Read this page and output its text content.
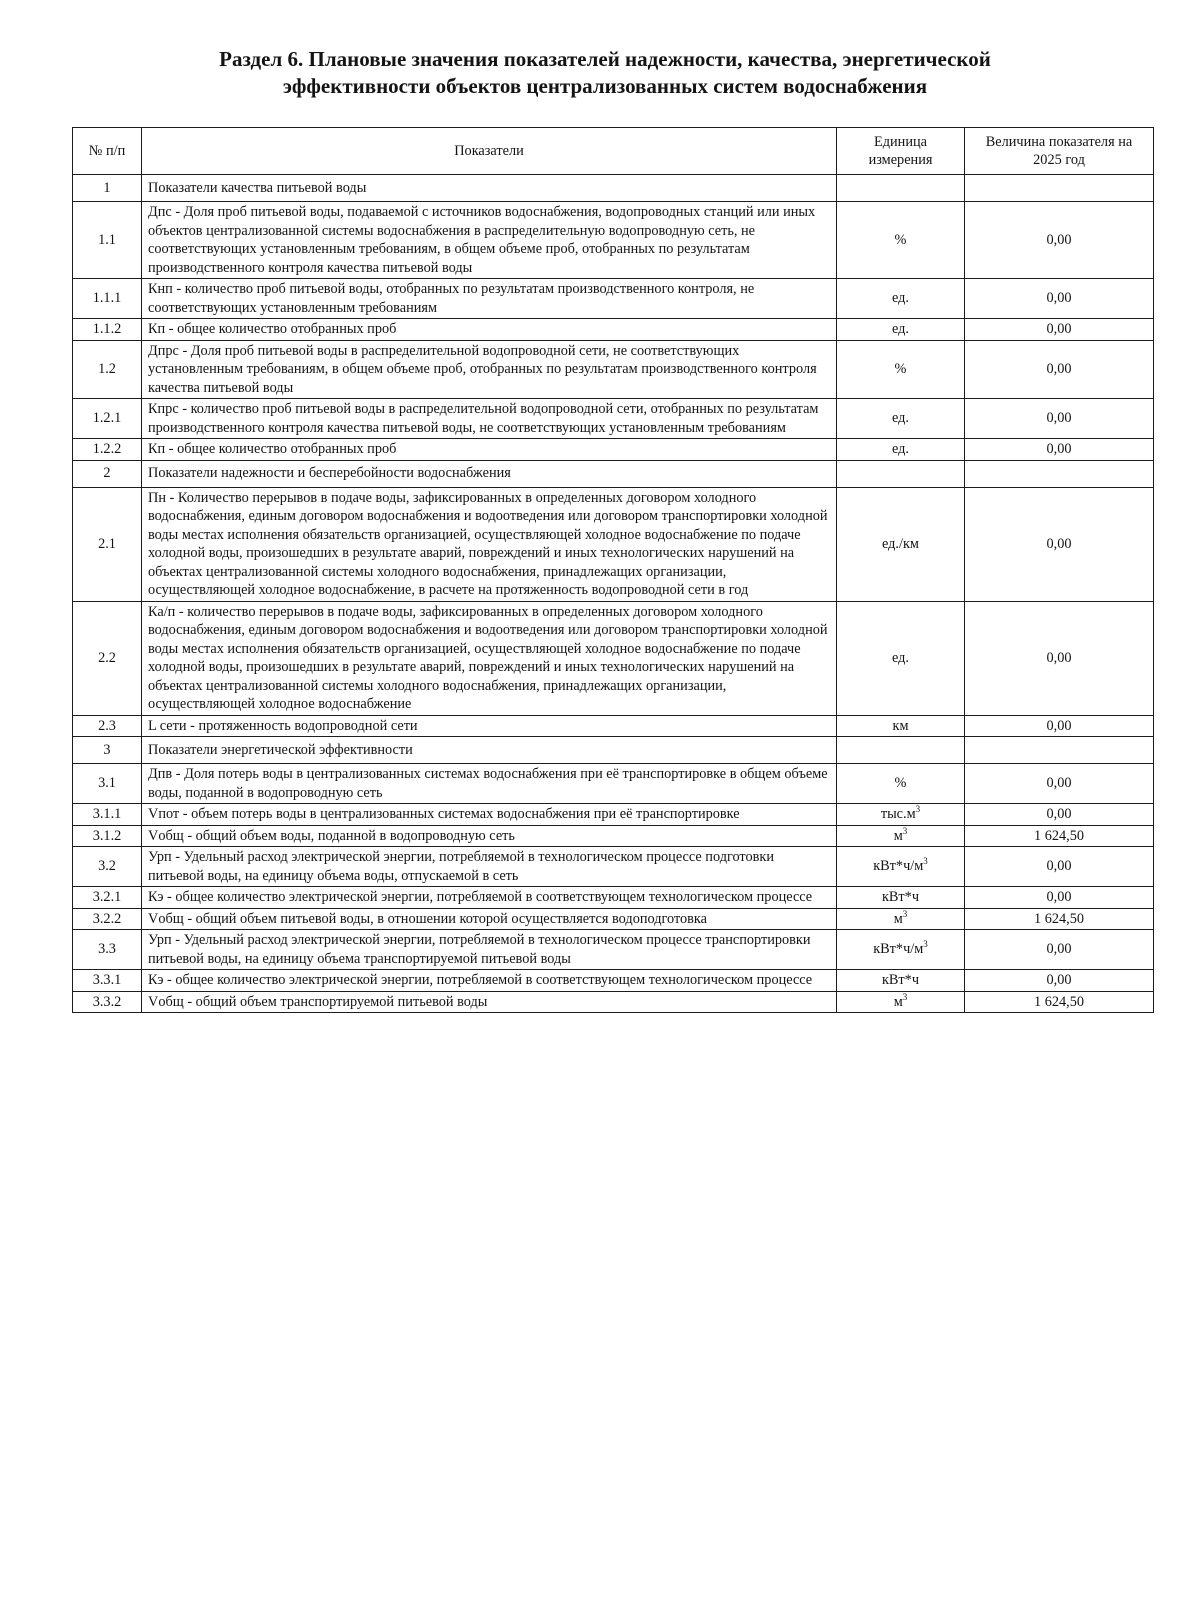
Раздел 6. Плановые значения показателей надежности, качества, энергетической
эффективности объектов централизованных систем водоснабжения
№ п/п	Показатели	Единица измерения	Величина показателя на 2025 год
1	Показатели качества питьевой воды		
1.1	Дпс - Доля проб питьевой воды, подаваемой с источников водоснабжения, водопроводных станций или иных объектов централизованной системы водоснабжения в распределительную водопроводную сеть, не соответствующих установленным требованиям, в общем объеме проб, отобранных по результатам производственного контроля качества питьевой воды	%	0,00
1.1.1	Кнп - количество проб питьевой воды, отобранных по результатам производственного контроля, не соответствующих установленным требованиям	ед.	0,00
1.1.2	Кп - общее количество отобранных проб	ед.	0,00
1.2	Дпрс - Доля проб питьевой воды в распределительной водопроводной сети, не соответствующих установленным требованиям, в общем объеме проб, отобранных по результатам производственного контроля качества питьевой воды	%	0,00
1.2.1	Кпрс - количество проб питьевой воды в распределительной водопроводной сети, отобранных по результатам производственного контроля качества питьевой воды, не соответствующих установленным требованиям	ед.	0,00
1.2.2	Кп - общее количество отобранных проб	ед.	0,00
2	Показатели надежности и бесперебойности водоснабжения		
2.1	Пн - Количество перерывов в подаче воды, зафиксированных в определенных договором холодного водоснабжения, единым договором водоснабжения и водоотведения или договором транспортировки холодной воды местах исполнения обязательств организацией, осуществляющей холодное водоснабжение по подаче холодной воды, произошедших в результате аварий, повреждений и иных технологических нарушений на объектах централизованной системы холодного водоснабжения, принадлежащих организации, осуществляющей холодное водоснабжение, в расчете на протяженность водопроводной сети в год	ед./км	0,00
2.2	Ка/п - количество перерывов в подаче воды, зафиксированных в определенных договором холодного водоснабжения, единым договором водоснабжения и водоотведения или договором транспортировки холодной воды местах исполнения обязательств организацией, осуществляющей холодное водоснабжение по подаче холодной воды, произошедших в результате аварий, повреждений и иных технологических нарушений на объектах централизованной системы холодного водоснабжения, принадлежащих организации, осуществляющей холодное водоснабжение	ед.	0,00
2.3	L сети - протяженность водопроводной сети	км	0,00
3	Показатели энергетической эффективности		
3.1	Дпв - Доля потерь воды в централизованных системах водоснабжения при её транспортировке в общем объеме воды, поданной в водопроводную сеть	%	0,00
3.1.1	Vпот - объем потерь воды в централизованных системах водоснабжения при её транспортировке	$тыс.м^3$	0,00
3.1.2	Vобщ - общий объем воды, поданной в водопроводную сеть	$м^3$	1 624,50
3.2	Урп - Удельный расход электрической энергии, потребляемой в технологическом процессе подготовки питьевой воды, на единицу объема воды, отпускаемой в сеть	$кВт*ч/м^3$	0,00
3.2.1	Кэ - общее количество электрической энергии, потребляемой в соответствующем технологическом процессе	кВт*ч	0,00
3.2.2	Vобщ - общий объем питьевой воды, в отношении которой осуществляется водоподготовка	$м^3$	1 624,50
3.3	Урп - Удельный расход электрической энергии, потребляемой в технологическом процессе транспортировки питьевой воды, на единицу объема транспортируемой питьевой воды	$кВт*ч/м^3$	0,00
3.3.1	Кэ - общее количество электрической энергии, потребляемой в соответствующем технологическом процессе	кВт*ч	0,00
3.3.2	Vобщ - общий объем транспортируемой питьевой воды	$м^3$	1 624,50
